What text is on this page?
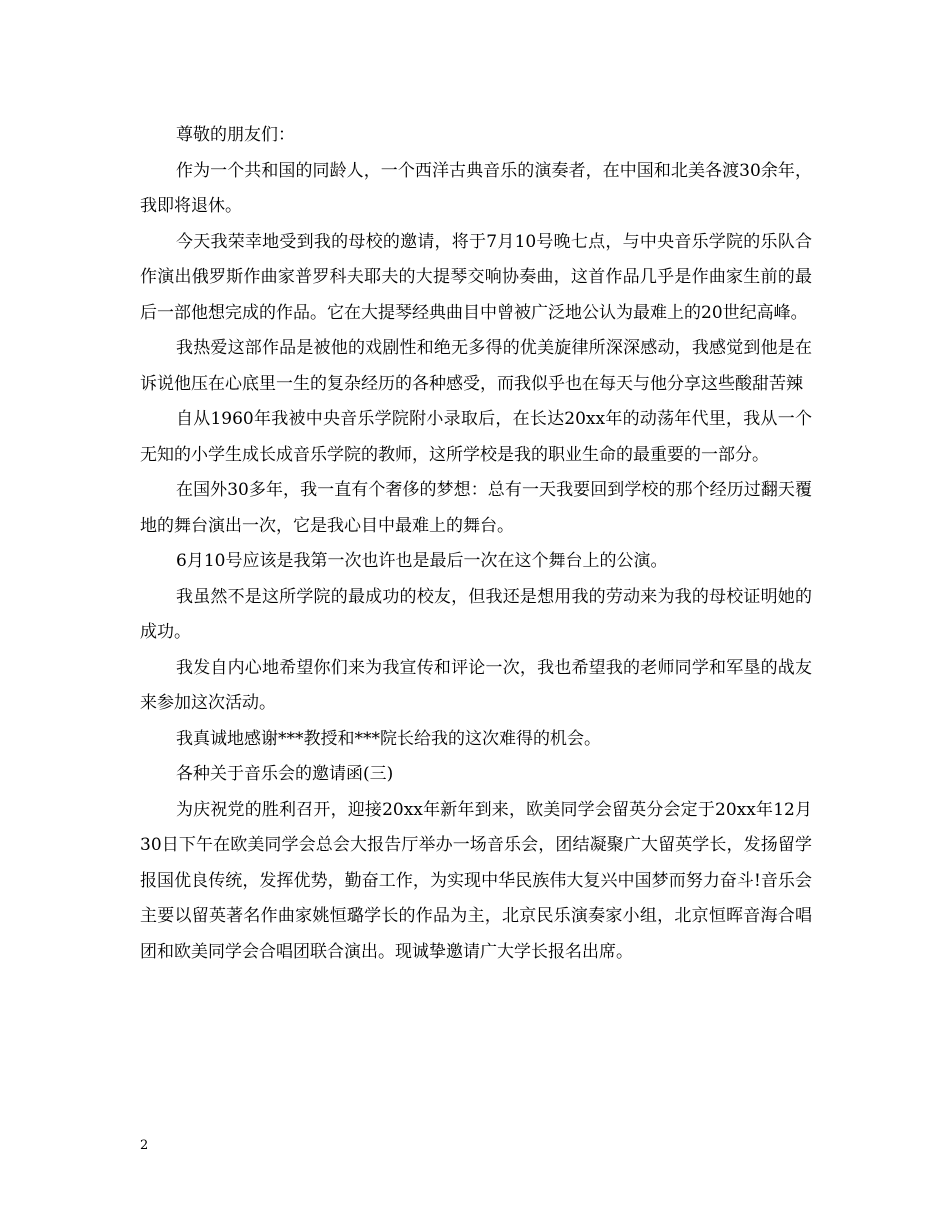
尊敬的朋友们：

作为一个共和国的同龄人，一个西洋古典音乐的演奏者，在中国和北美各渡30余年，我即将退休。

今天我荣幸地受到我的母校的邀请，将于7月10号晚七点，与中央音乐学院的乐队合作演出俄罗斯作曲家普罗科夫耶夫的大提琴交响协奏曲，这首作品几乎是作曲家生前的最后一部他想完成的作品。它在大提琴经典曲目中曾被广泛地公认为最难上的20世纪高峰。

我热爱这部作品是被他的戏剧性和绝无多得的优美旋律所深深感动，我感觉到他是在诉说他压在心底里一生的复杂经历的各种感受，而我似乎也在每天与他分享这些酸甜苦辣

自从1960年我被中央音乐学院附小录取后，在长达20xx年的动荡年代里，我从一个无知的小学生成长成音乐学院的教师，这所学校是我的职业生命的最重要的一部分。

在国外30多年，我一直有个奢侈的梦想：总有一天我要回到学校的那个经历过翻天覆地的舞台演出一次，它是我心目中最难上的舞台。

6月10号应该是我第一次也许也是最后一次在这个舞台上的公演。

我虽然不是这所学院的最成功的校友，但我还是想用我的劳动来为我的母校证明她的成功。

我发自内心地希望你们来为我宣传和评论一次，我也希望我的老师同学和军垦的战友来参加这次活动。

我真诚地感谢***教授和***院长给我的这次难得的机会。

各种关于音乐会的邀请函(三)

为庆祝党的胜利召开，迎接20xx年新年到来，欧美同学会留英分会定于20xx年12月30日下午在欧美同学会总会大报告厅举办一场音乐会，团结凝聚广大留英学长，发扬留学报国优良传统，发挥优势，勤奋工作，为实现中华民族伟大复兴中国梦而努力奋斗!音乐会主要以留英著名作曲家姚恒璐学长的作品为主，北京民乐演奏家小组，北京恒晖音海合唱团和欧美同学会合唱团联合演出。现诚挚邀请广大学长报名出席。

2
